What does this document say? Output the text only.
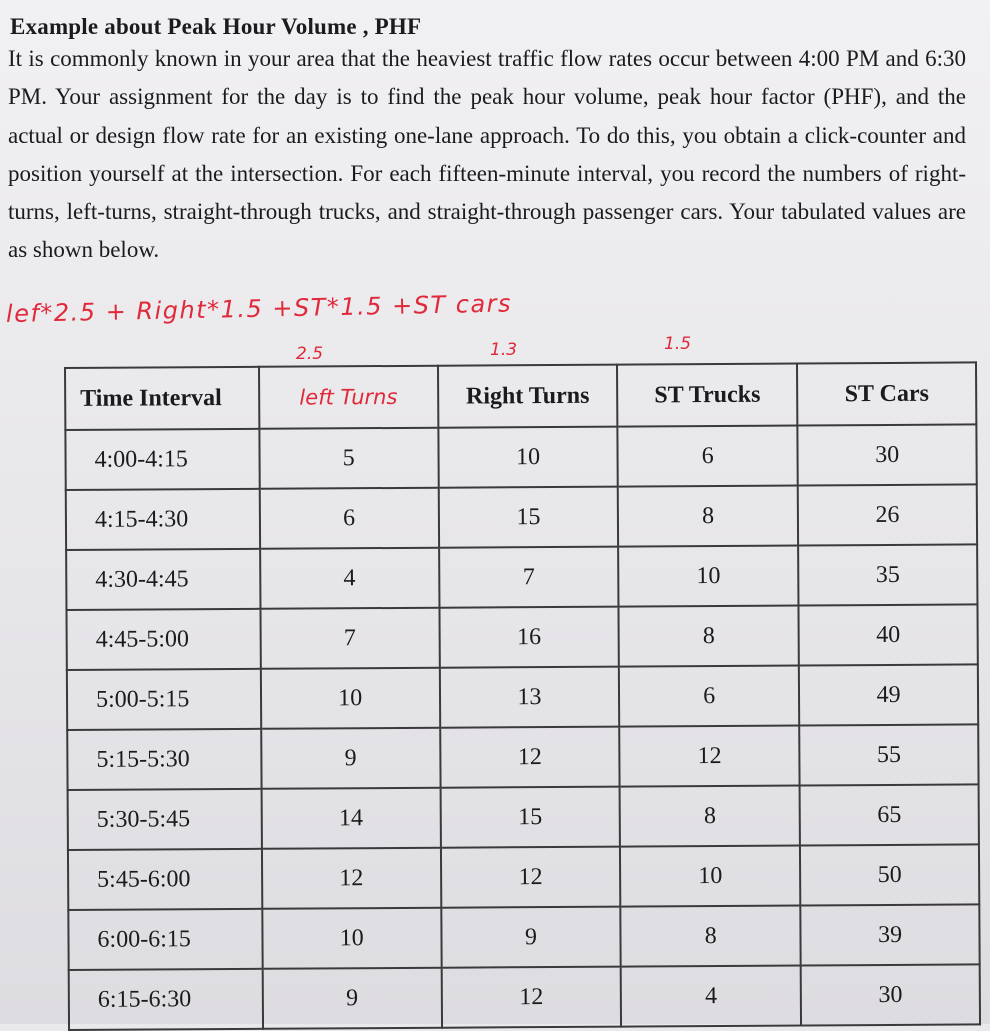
Example about Peak Hour Volume , PHF
It is commonly known in your area that the heaviest traffic flow rates occur between 4:00 PM and 6:30 PM. Your assignment for the day is to find the peak hour volume, peak hour factor (PHF), and the actual or design flow rate for an existing one-lane approach. To do this, you obtain a click-counter and position yourself at the intersection. For each fifteen-minute interval, you record the numbers of right-turns, left-turns, straight-through trucks, and straight-through passenger cars. Your tabulated values are as shown below.
lef*2.5 + Right*1.5 +ST*1.5 +ST cars
2.5	1.3	1.5
Time Interval	left Turns	Right Turns	ST Trucks	ST Cars
4:00-4:15	5	10	6	30
4:15-4:30	6	15	8	26
4:30-4:45	4	7	10	35
4:45-5:00	7	16	8	40
5:00-5:15	10	13	6	49
5:15-5:30	9	12	12	55
5:30-5:45	14	15	8	65
5:45-6:00	12	12	10	50
6:00-6:15	10	9	8	39
6:15-6:30	9	12	4	30
